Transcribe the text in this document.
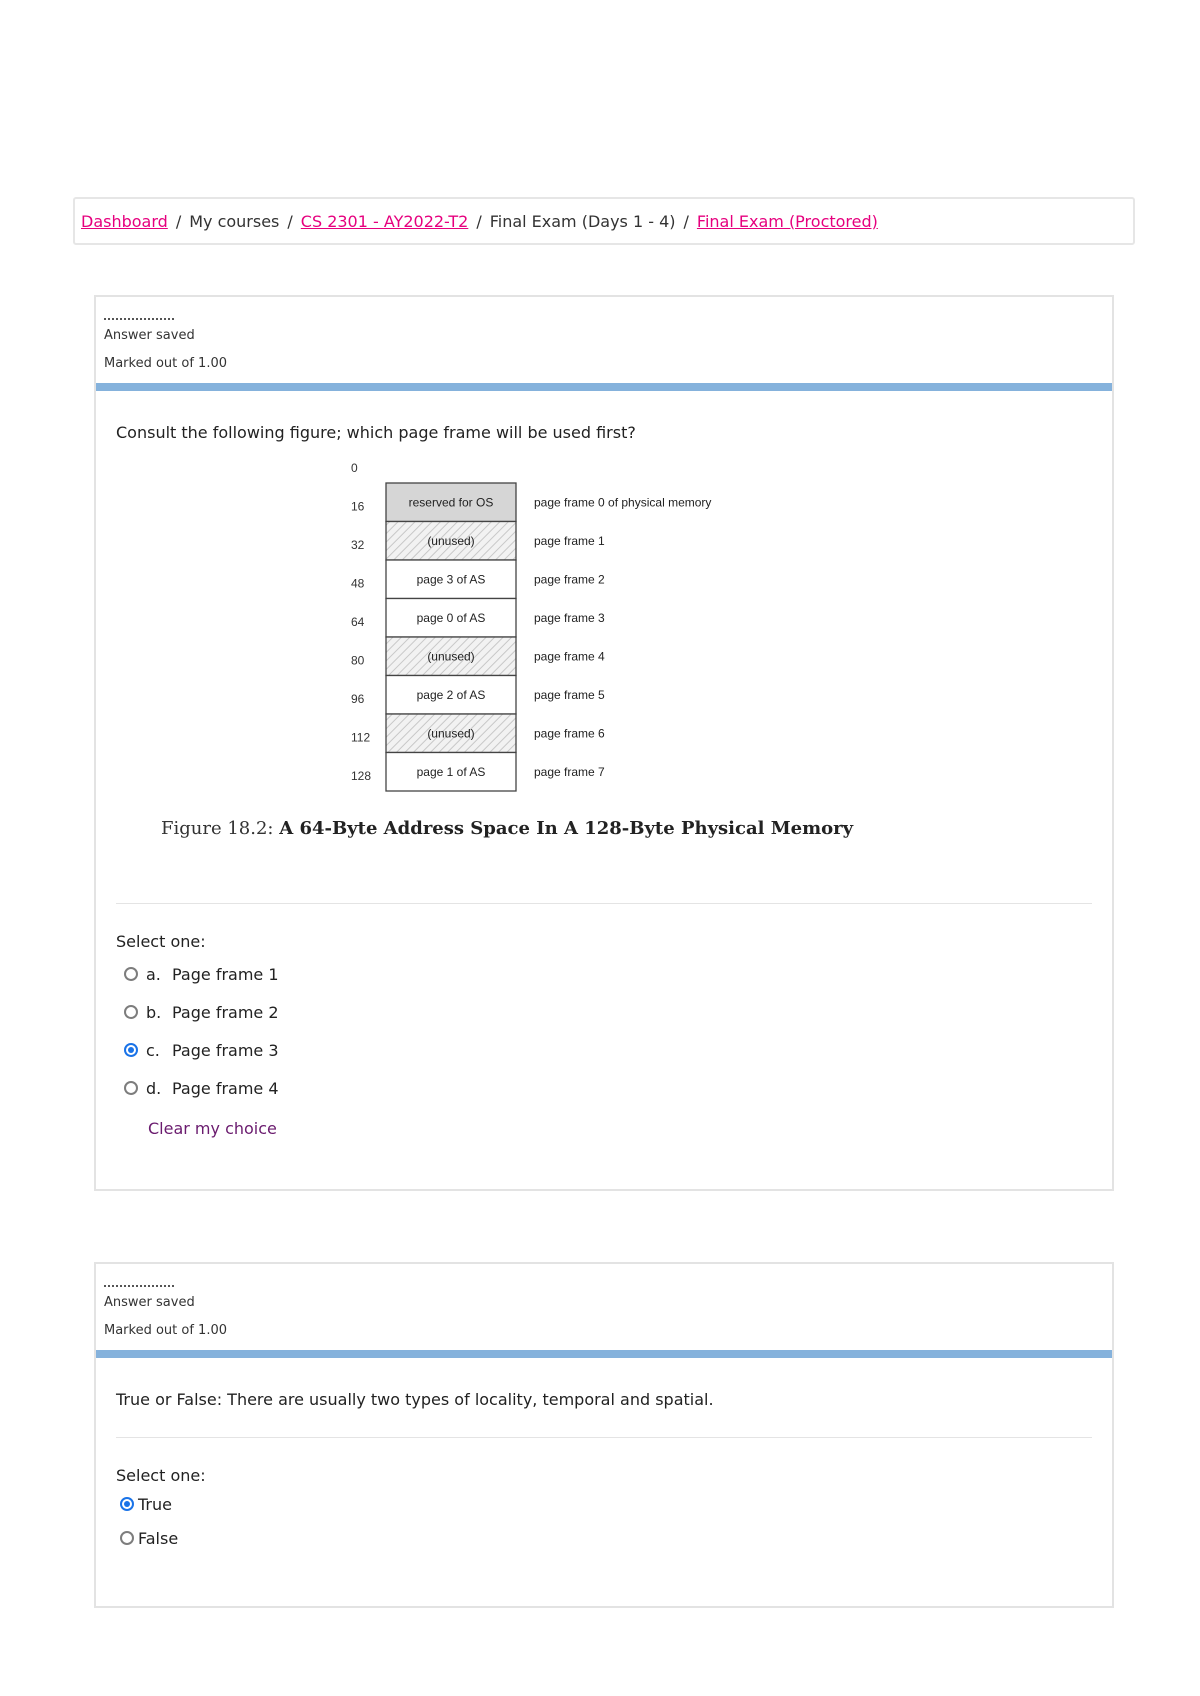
Dashboard / My courses / CS 2301 - AY2022-T2 / Final Exam (Days 1 - 4) / Final Exam (Proctored)
Answer saved
Marked out of 1.00
Consult the following figure; which page frame will be used first?
0
16
32
48
64
80
96
112
128
reserved for OS
(unused)
page 3 of AS
page 0 of AS
(unused)
page 2 of AS
(unused)
page 1 of AS
page frame 0 of physical memory
page frame 1
page frame 2
page frame 3
page frame 4
page frame 5
page frame 6
page frame 7
Figure 18.2: A 64-Byte Address Space In A 128-Byte Physical Memory
Select one:
a. Page frame 1
b. Page frame 2
c. Page frame 3
d. Page frame 4
Clear my choice
Answer saved
Marked out of 1.00
True or False: There are usually two types of locality, temporal and spatial.
Select one:
True
False
